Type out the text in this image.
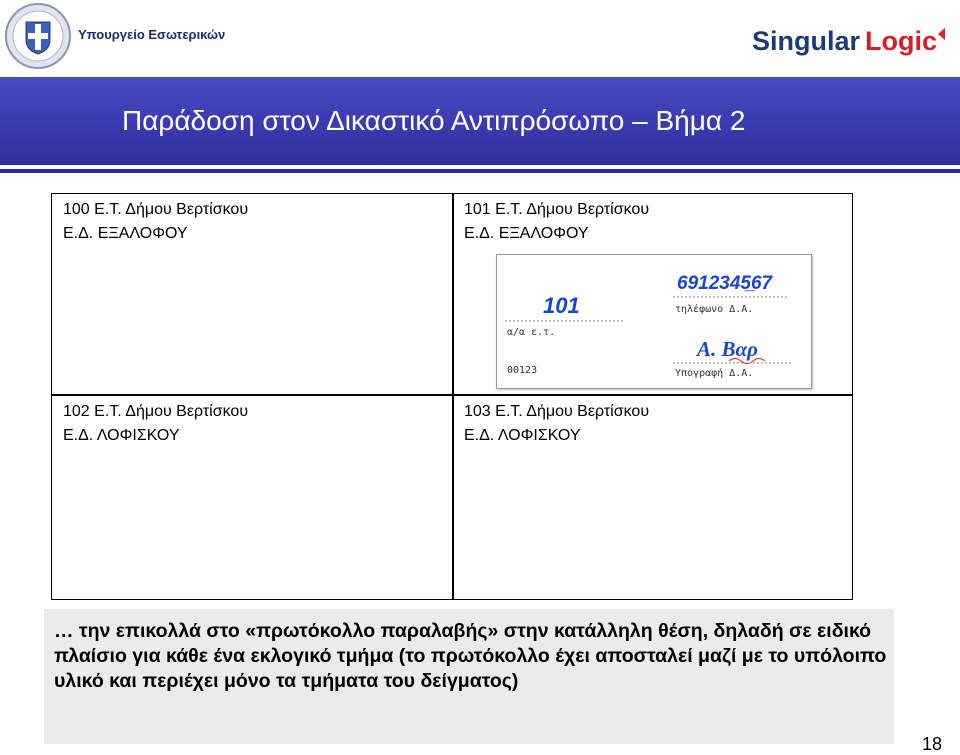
Υπουργείο Εσωτερικών	Singular Logic
Παράδοση στον Δικαστικό Αντιπρόσωπο – Βήμα 2
100 Ε.Τ. Δήμου Βερτίσκου
Ε.Δ. ΕΞΑΛΟΦΟΥ
101 Ε.Τ. Δήμου Βερτίσκου
Ε.Δ. ΕΞΑΛΟΦΟΥ
102 Ε.Τ. Δήμου Βερτίσκου
Ε.Δ. ΛΟΦΙΣΚΟΥ
103 Ε.Τ. Δήμου Βερτίσκου
Ε.Δ. ΛΟΦΙΣΚΟΥ
101
α/α ε.τ.
00123
6912345̲67
τηλέφωνο Δ.Α.
Α. Βαρ
Υπογραφή Δ.Α.
… την επικολλά στο «πρωτόκολλο παραλαβής» στην κατάλληλη θέση, δηλαδή σε ειδικό πλαίσιο για κάθε ένα εκλογικό τμήμα (το πρωτόκολλο έχει αποσταλεί μαζί με το υπόλοιπο υλικό και περιέχει μόνο τα τμήματα του δείγματος)
18
